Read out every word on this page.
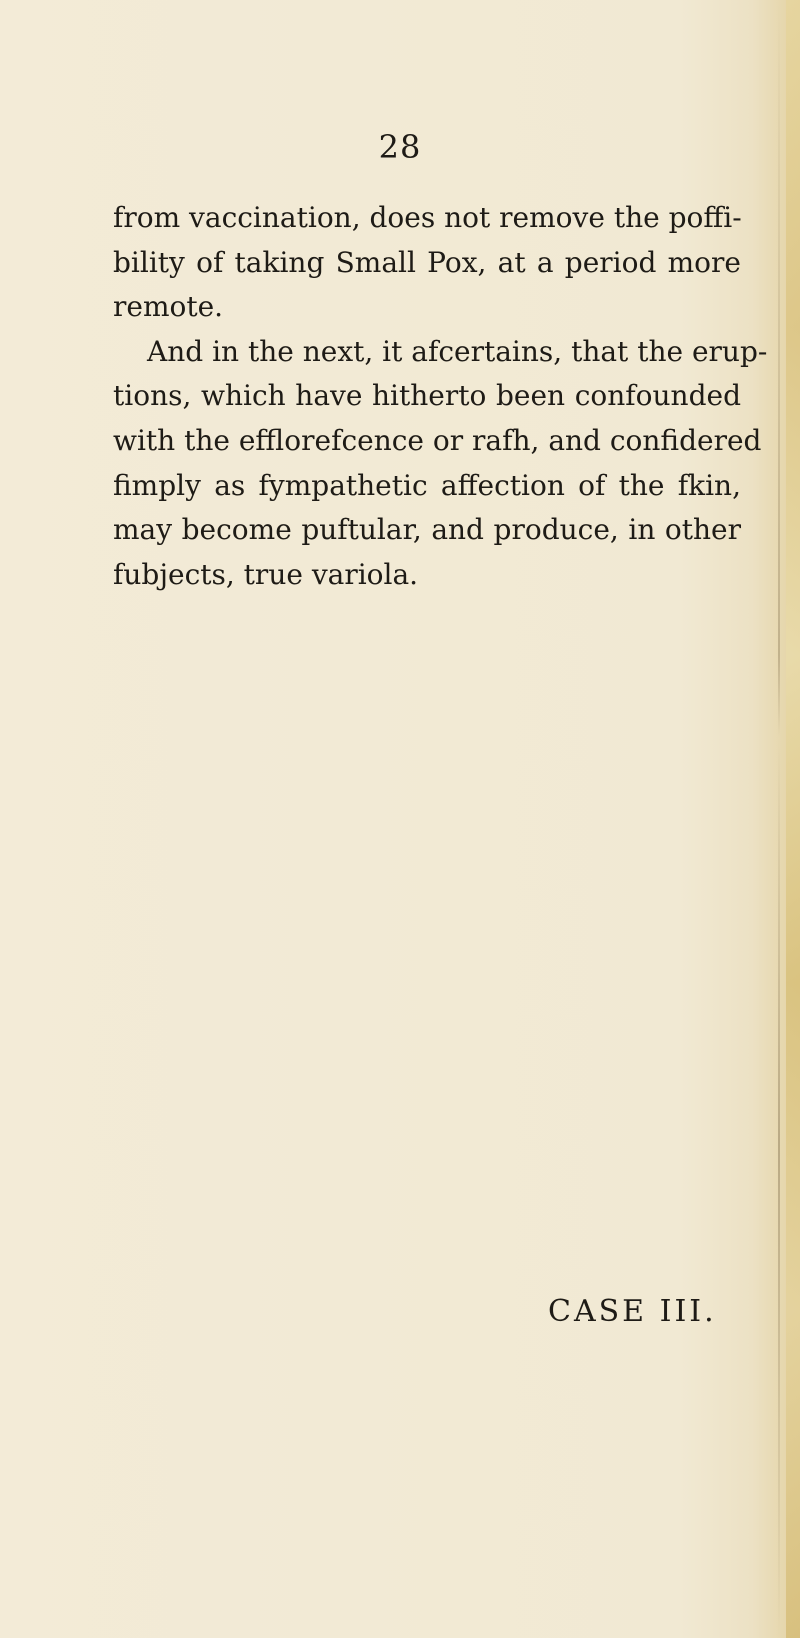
28
from vaccination, does not remove the poffi-
bility of taking Small Pox, at a period more
remote.
And in the next, it afcertains, that the erup-
tions, which have hitherto been confounded
with the efflorefcence or rafh, and confidered
fimply as fympathetic affection of the fkin,
may become puftular, and produce, in other
fubjects, true variola.
CASE III.
